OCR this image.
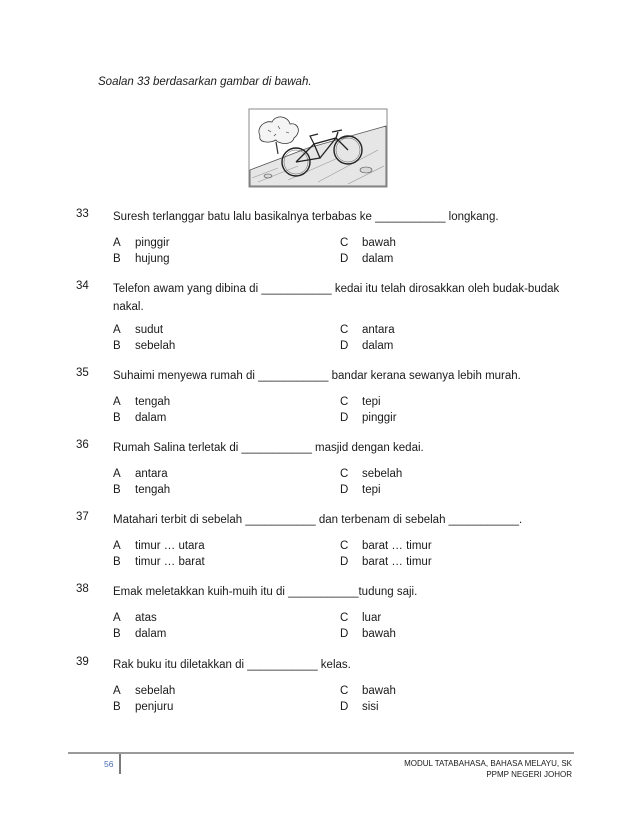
Soalan 33 berdasarkan gambar di bawah.
33 Suresh terlanggar batu lalu basikalnya terbabas ke ___________ longkang.
A pinggir
B hujung
C bawah
D dalam
34 Telefon awam yang dibina di ___________ kedai itu telah dirosakkan oleh budak-budak nakal.
A sudut
B sebelah
C antara
D dalam
35 Suhaimi menyewa rumah di ___________ bandar kerana sewanya lebih murah.
A tengah
B dalam
C tepi
D pinggir
36 Rumah Salina terletak di ___________ masjid dengan kedai.
A antara
B tengah
C sebelah
D tepi
37 Matahari terbit di sebelah ___________ dan terbenam di sebelah ___________.
A timur … utara
B timur … barat
C barat … timur
D barat … timur
38 Emak meletakkan kuih-muih itu di ___________tudung saji.
A atas
B dalam
C luar
D bawah
39 Rak buku itu diletakkan di ___________ kelas.
A sebelah
B penjuru
C bawah
D sisi
56	MODUL TATABAHASA, BAHASA MELAYU, SK
PPMP NEGERI JOHOR
